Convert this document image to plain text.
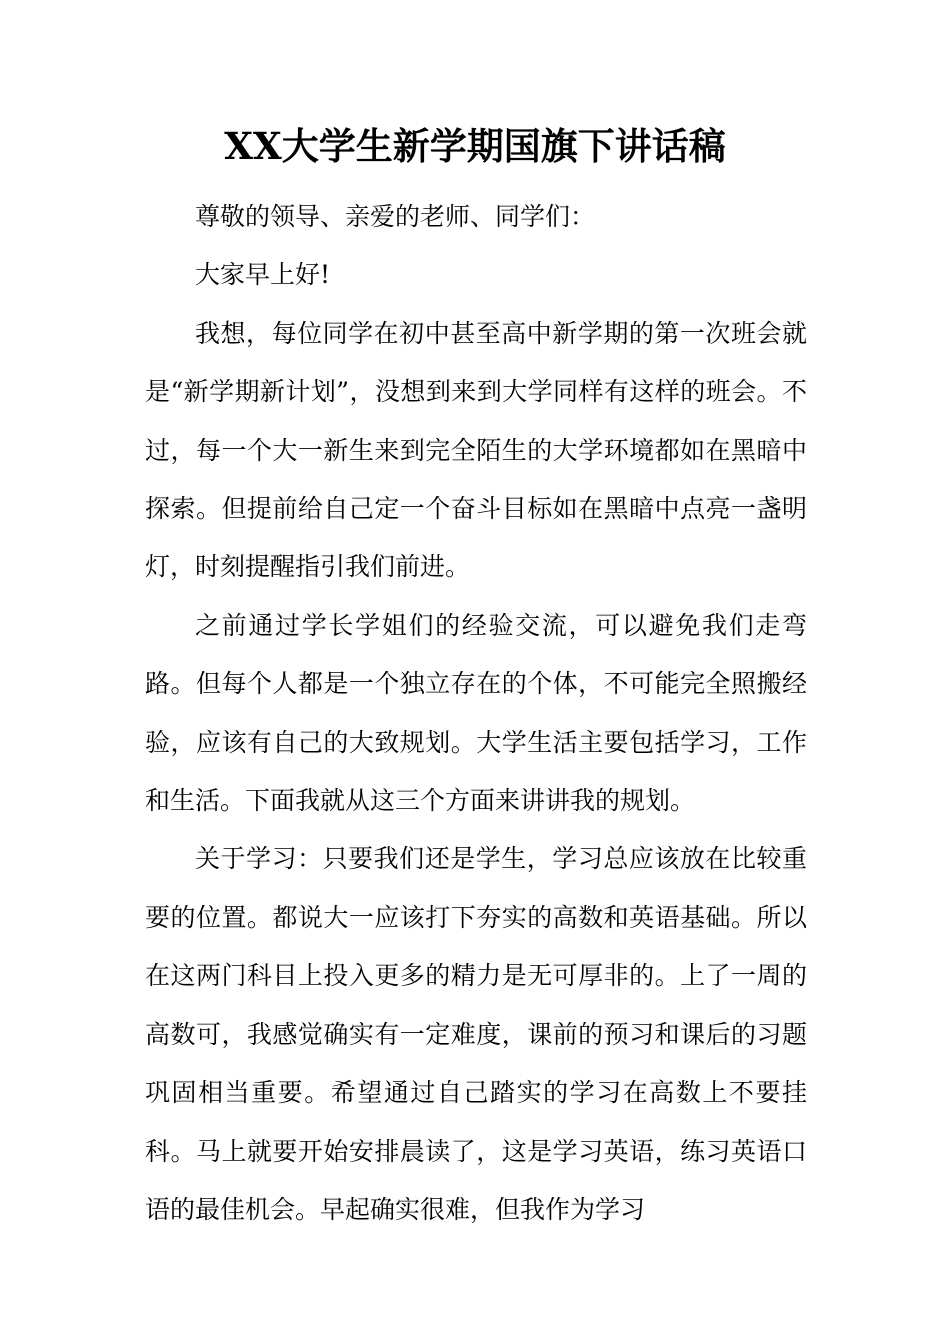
XX大学生新学期国旗下讲话稿

尊敬的领导、亲爱的老师、同学们：

大家早上好!

我想，每位同学在初中甚至高中新学期的第一次班会就是“新学期新计划”，没想到来到大学同样有这样的班会。不过，每一个大一新生来到完全陌生的大学环境都如在黑暗中探索。但提前给自己定一个奋斗目标如在黑暗中点亮一盏明灯，时刻提醒指引我们前进。

之前通过学长学姐们的经验交流，可以避免我们走弯路。但每个人都是一个独立存在的个体，不可能完全照搬经验，应该有自己的大致规划。大学生活主要包括学习，工作和生活。下面我就从这三个方面来讲讲我的规划。

关于学习：只要我们还是学生，学习总应该放在比较重要的位置。都说大一应该打下夯实的高数和英语基础。所以在这两门科目上投入更多的精力是无可厚非的。上了一周的高数可，我感觉确实有一定难度，课前的预习和课后的习题巩固相当重要。希望通过自己踏实的学习在高数上不要挂科。马上就要开始安排晨读了，这是学习英语，练习英语口语的最佳机会。早起确实很难，但我作为学习
